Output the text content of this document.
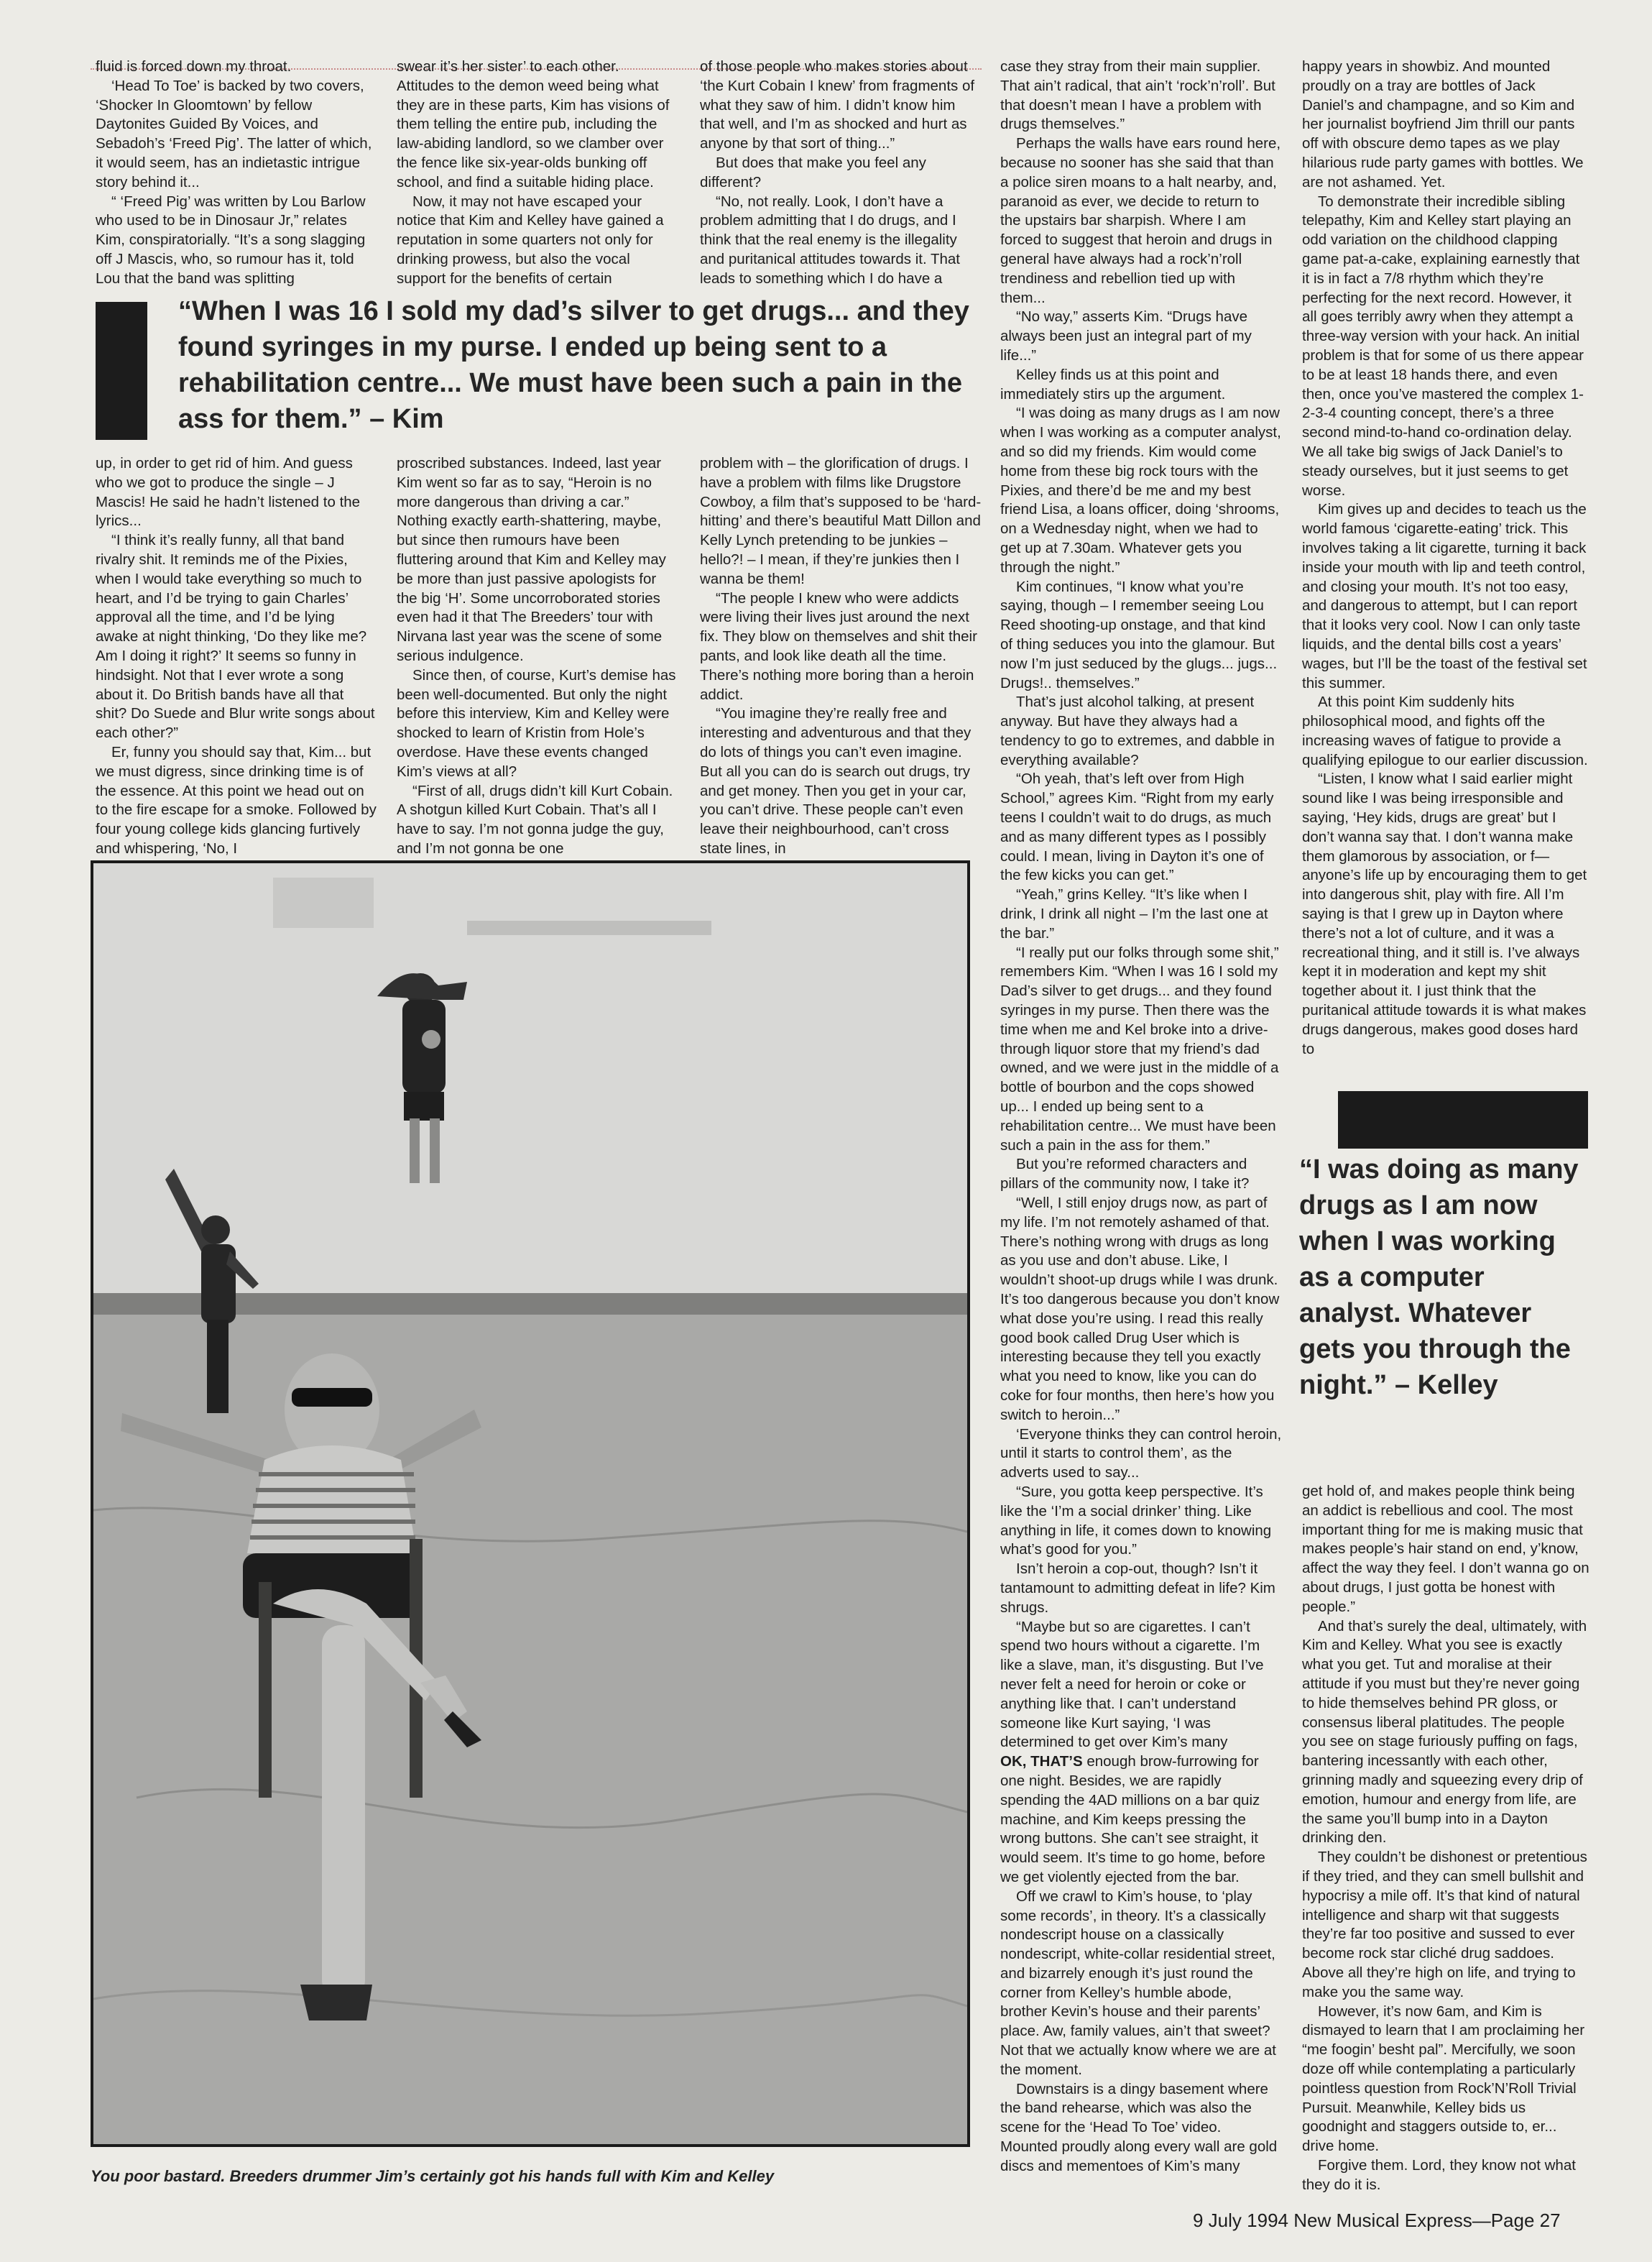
fluid is forced down my throat.

‘Head To Toe’ is backed by two covers, ‘Shocker In Gloomtown’ by fellow Daytonites Guided By Voices, and Sebadoh’s ‘Freed Pig’. The latter of which, it would seem, has an indietastic intrigue story behind it...

“ ‘Freed Pig’ was written by Lou Barlow who used to be in Dinosaur Jr,” relates Kim, conspiratorially. “It’s a song slagging off J Mascis, who, so rumour has it, told Lou that the band was splitting

swear it’s her sister’ to each other. Attitudes to the demon weed being what they are in these parts, Kim has visions of them telling the entire pub, including the law-abiding landlord, so we clamber over the fence like six-year-olds bunking off school, and find a suitable hiding place.

Now, it may not have escaped your notice that Kim and Kelley have gained a reputation in some quarters not only for drinking prowess, but also the vocal support for the benefits of certain

of those people who makes stories about ‘the Kurt Cobain I knew’ from fragments of what they saw of him. I didn’t know him that well, and I’m as shocked and hurt as anyone by that sort of thing...”

But does that make you feel any different?

“No, not really. Look, I don’t have a problem admitting that I do drugs, and I think that the real enemy is the illegality and puritanical attitudes towards it. That leads to something which I do have a

“When I was 16 I sold my dad’s silver to get drugs... and they found syringes in my purse. I ended up being sent to a rehabilitation centre... We must have been such a pain in the ass for them.” – Kim

up, in order to get rid of him. And guess who we got to produce the single – J Mascis! He said he hadn’t listened to the lyrics...

“I think it’s really funny, all that band rivalry shit. It reminds me of the Pixies, when I would take everything so much to heart, and I’d be trying to gain Charles’ approval all the time, and I’d be lying awake at night thinking, ‘Do they like me? Am I doing it right?’ It seems so funny in hindsight. Not that I ever wrote a song about it. Do British bands have all that shit? Do Suede and Blur write songs about each other?”

Er, funny you should say that, Kim... but we must digress, since drinking time is of the essence. At this point we head out on to the fire escape for a smoke. Followed by four young college kids glancing furtively and whispering, ‘No, I

proscribed substances. Indeed, last year Kim went so far as to say, “Heroin is no more dangerous than driving a car.” Nothing exactly earth-shattering, maybe, but since then rumours have been fluttering around that Kim and Kelley may be more than just passive apologists for the big ‘H’. Some uncorroborated stories even had it that The Breeders’ tour with Nirvana last year was the scene of some serious indulgence.

Since then, of course, Kurt’s demise has been well-documented. But only the night before this interview, Kim and Kelley were shocked to learn of Kristin from Hole’s overdose. Have these events changed Kim’s views at all?

“First of all, drugs didn’t kill Kurt Cobain. A shotgun killed Kurt Cobain. That’s all I have to say. I’m not gonna judge the guy, and I’m not gonna be one

problem with – the glorification of drugs. I have a problem with films like Drugstore Cowboy, a film that’s supposed to be ‘hard-hitting’ and there’s beautiful Matt Dillon and Kelly Lynch pretending to be junkies – hello?! – I mean, if they’re junkies then I wanna be them!

“The people I knew who were addicts were living their lives just around the next fix. They blow on themselves and shit their pants, and look like death all the time. There’s nothing more boring than a heroin addict.

“You imagine they’re really free and interesting and adventurous and that they do lots of things you can’t even imagine. But all you can do is search out drugs, try and get money. Then you get in your car, you can’t drive. These people can’t even leave their neighbourhood, can’t cross state lines, in

case they stray from their main supplier. That ain’t radical, that ain’t ‘rock’n’roll’. But that doesn’t mean I have a problem with drugs themselves.”

Perhaps the walls have ears round here, because no sooner has she said that than a police siren moans to a halt nearby, and, paranoid as ever, we decide to return to the upstairs bar sharpish. Where I am forced to suggest that heroin and drugs in general have always had a rock’n’roll trendiness and rebellion tied up with them...

“No way,” asserts Kim. “Drugs have always been just an integral part of my life...”

Kelley finds us at this point and immediately stirs up the argument.

“I was doing as many drugs as I am now when I was working as a computer analyst, and so did my friends. Kim would come home from these big rock tours with the Pixies, and there’d be me and my best friend Lisa, a loans officer, doing ‘shrooms, on a Wednesday night, when we had to get up at 7.30am. Whatever gets you through the night.”

Kim continues, “I know what you’re saying, though – I remember seeing Lou Reed shooting-up onstage, and that kind of thing seduces you into the glamour. But now I’m just seduced by the glugs... jugs... Drugs!.. themselves.”

That’s just alcohol talking, at present anyway. But have they always had a tendency to go to extremes, and dabble in everything available?

“Oh yeah, that’s left over from High School,” agrees Kim. “Right from my early teens I couldn’t wait to do drugs, as much and as many different types as I possibly could. I mean, living in Dayton it’s one of the few kicks you can get.”

“Yeah,” grins Kelley. “It’s like when I drink, I drink all night – I’m the last one at the bar.”

“I really put our folks through some shit,” remembers Kim. “When I was 16 I sold my Dad’s silver to get drugs... and they found syringes in my purse. Then there was the time when me and Kel broke into a drive-through liquor store that my friend’s dad owned, and we were just in the middle of a bottle of bourbon and the cops showed up... I ended up being sent to a rehabilitation centre... We must have been such a pain in the ass for them.”

But you’re reformed characters and pillars of the community now, I take it?

“Well, I still enjoy drugs now, as part of my life. I’m not remotely ashamed of that. There’s nothing wrong with drugs as long as you use and don’t abuse. Like, I wouldn’t shoot-up drugs while I was drunk. It’s too dangerous because you don’t know what dose you’re using. I read this really good book called Drug User which is interesting because they tell you exactly what you need to know, like you can do coke for four months, then here’s how you switch to heroin...”

‘Everyone thinks they can control heroin, until it starts to control them’, as the adverts used to say...

“Sure, you gotta keep perspective. It’s like the ‘I’m a social drinker’ thing. Like anything in life, it comes down to knowing what’s good for you.”

Isn’t heroin a cop-out, though? Isn’t it tantamount to admitting defeat in life? Kim shrugs.

“Maybe but so are cigarettes. I can’t spend two hours without a cigarette. I’m like a slave, man, it’s disgusting. But I’ve never felt a need for heroin or coke or anything like that. I can’t understand someone like Kurt saying, ‘I was determined to get over Kim’s many

OK, THAT’S enough brow-furrowing for one night. Besides, we are rapidly spending the 4AD millions on a bar quiz machine, and Kim keeps pressing the wrong buttons. She can’t see straight, it would seem. It’s time to go home, before we get violently ejected from the bar.

Off we crawl to Kim’s house, to ‘play some records’, in theory. It’s a classically nondescript house on a classically nondescript, white-collar residential street, and bizarrely enough it’s just round the corner from Kelley’s humble abode, brother Kevin’s house and their parents’ place. Aw, family values, ain’t that sweet? Not that we actually know where we are at the moment.

Downstairs is a dingy basement where the band rehearse, which was also the scene for the ‘Head To Toe’ video. Mounted proudly along every wall are gold discs and mementoes of Kim’s many

happy years in showbiz. And mounted proudly on a tray are bottles of Jack Daniel’s and champagne, and so Kim and her journalist boyfriend Jim thrill our pants off with obscure demo tapes as we play hilarious rude party games with bottles. We are not ashamed. Yet.

To demonstrate their incredible sibling telepathy, Kim and Kelley start playing an odd variation on the childhood clapping game pat-a-cake, explaining earnestly that it is in fact a 7/8 rhythm which they’re perfecting for the next record. However, it all goes terribly awry when they attempt a three-way version with your hack. An initial problem is that for some of us there appear to be at least 18 hands there, and even then, once you’ve mastered the complex 1-2-3-4 counting concept, there’s a three second mind-to-hand co-ordination delay. We all take big swigs of Jack Daniel’s to steady ourselves, but it just seems to get worse.

Kim gives up and decides to teach us the world famous ‘cigarette-eating’ trick. This involves taking a lit cigarette, turning it back inside your mouth with lip and teeth control, and closing your mouth. It’s not too easy, and dangerous to attempt, but I can report that it looks very cool. Now I can only taste liquids, and the dental bills cost a years’ wages, but I’ll be the toast of the festival set this summer.

At this point Kim suddenly hits philosophical mood, and fights off the increasing waves of fatigue to provide a qualifying epilogue to our earlier discussion.

“Listen, I know what I said earlier might sound like I was being irresponsible and saying, ‘Hey kids, drugs are great’ but I don’t wanna say that. I don’t wanna make them glamorous by association, or f— anyone’s life up by encouraging them to get into dangerous shit, play with fire. All I’m saying is that I grew up in Dayton where there’s not a lot of culture, and it was a recreational thing, and it still is. I’ve always kept it in moderation and kept my shit together about it. I just think that the puritanical attitude towards it is what makes drugs dangerous, makes good doses hard to

“I was doing as many drugs as I am now when I was working as a computer analyst. Whatever gets you through the night.” – Kelley

get hold of, and makes people think being an addict is rebellious and cool. The most important thing for me is making music that makes people’s hair stand on end, y’know, affect the way they feel. I don’t wanna go on about drugs, I just gotta be honest with people.”

And that’s surely the deal, ultimately, with Kim and Kelley. What you see is exactly what you get. Tut and moralise at their attitude if you must but they’re never going to hide themselves behind PR gloss, or consensus liberal platitudes. The people you see on stage furiously puffing on fags, bantering incessantly with each other, grinning madly and squeezing every drip of emotion, humour and energy from life, are the same you’ll bump into in a Dayton drinking den.

They couldn’t be dishonest or pretentious if they tried, and they can smell bullshit and hypocrisy a mile off. It’s that kind of natural intelligence and sharp wit that suggests they’re far too positive and sussed to ever become rock star cliché drug saddoes. Above all they’re high on life, and trying to make you the same way.

However, it’s now 6am, and Kim is dismayed to learn that I am proclaiming her “me foogin’ besht pal”. Mercifully, we soon doze off while contemplating a particularly pointless question from Rock’N’Roll Trivial Pursuit. Meanwhile, Kelley bids us goodnight and staggers outside to, er... drive home.

Forgive them. Lord, they know not what they do it is.

You poor bastard. Breeders drummer Jim’s certainly got his hands full with Kim and Kelley
9 July 1994 New Musical Express—Page 27
